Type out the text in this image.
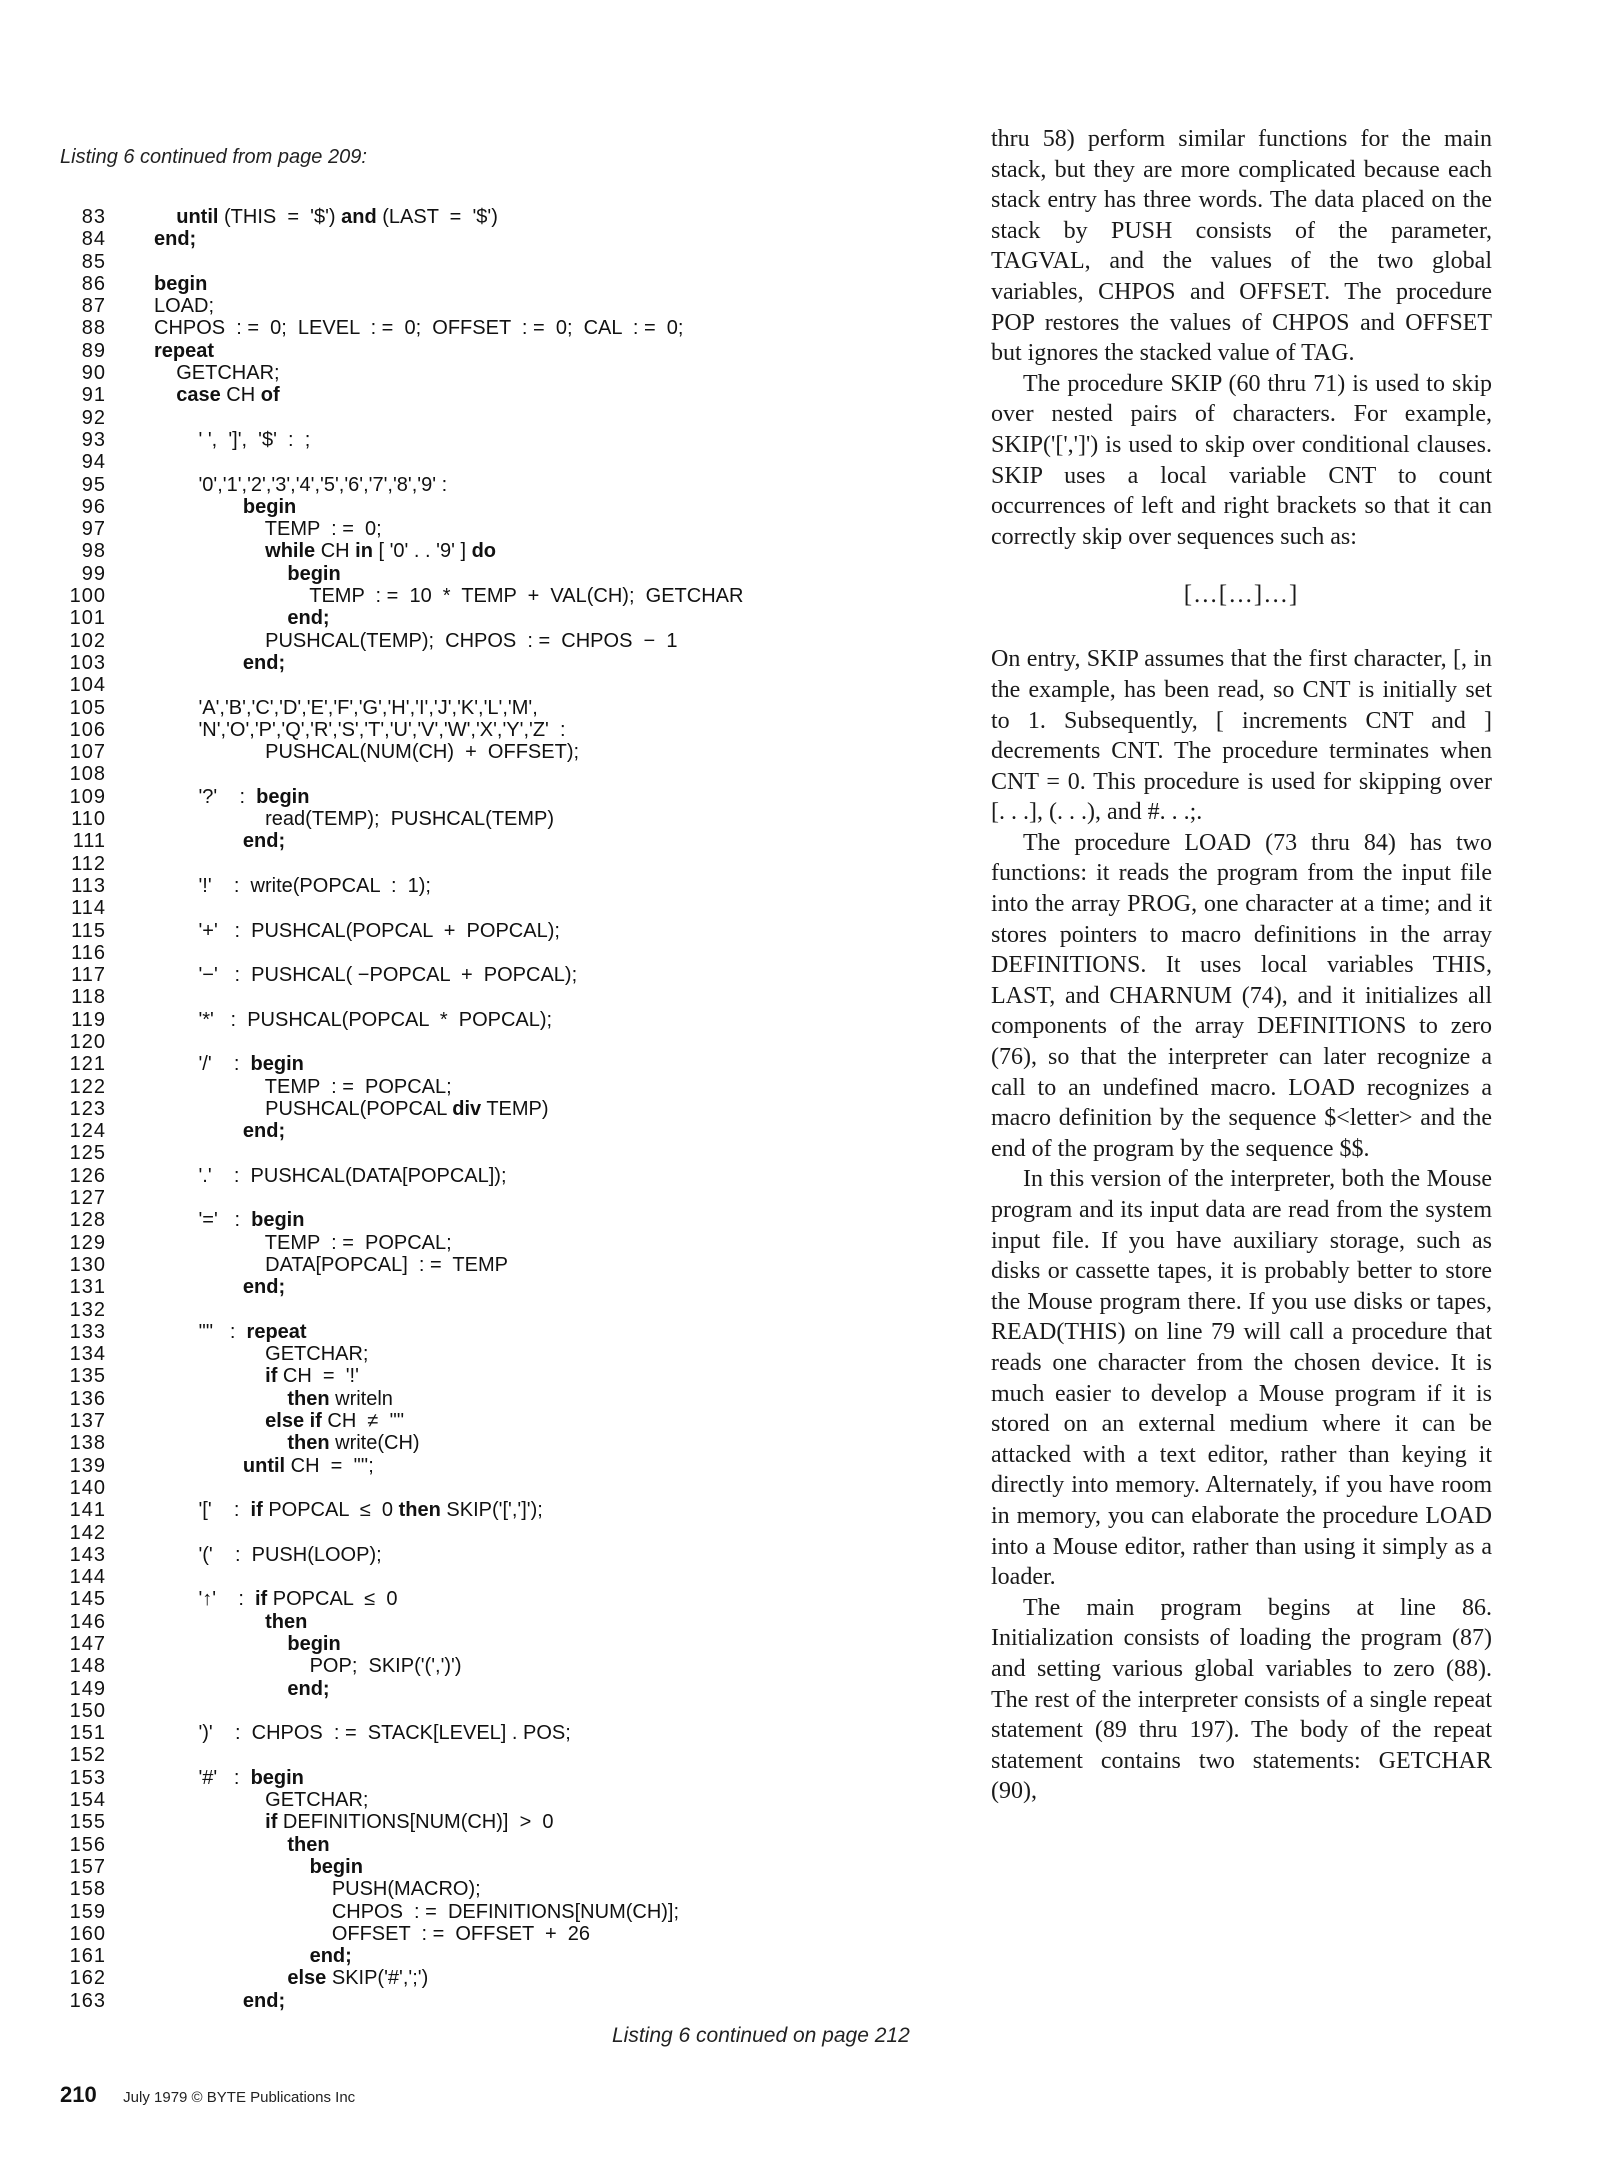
Listing 6 continued from page 209:
83	until (THIS  =  '$') and (LAST  =  '$')
84 end;
85
86 begin
87 LOAD;
88 CHPOS  : =  0;  LEVEL  : =  0;  OFFSET  : =  0;  CAL  : =  0;
89 repeat
90 GETCHAR;
91	case CH of
92
93 ' ',  ']',  '$'  :  ;
94
95 '0','1','2','3','4','5','6','7','8','9' :
96	begin
97 TEMP  : =  0;
98	while CH in [ '0' . . '9' ] do
99	begin
100 TEMP  : =  10  *  TEMP  +  VAL(CH);  GETCHAR
101	end;
102 PUSHCAL(TEMP);  CHPOS  : =  CHPOS  −  1
103	end;
104
105 'A','B','C','D','E','F','G','H','I','J','K','L','M',
106 'N','O','P','Q','R','S','T','U','V','W','X','Y','Z'  :
107 PUSHCAL(NUM(CH)  +  OFFSET);
108
109 '?'    :  begin
110 read(TEMP);  PUSHCAL(TEMP)
111	end;
112
113 '!'    :  write(POPCAL  :  1);
114
115 '+'   :  PUSHCAL(POPCAL  +  POPCAL);
116
117 '−'   :  PUSHCAL( −POPCAL  +  POPCAL);
118
119 '*'   :  PUSHCAL(POPCAL  *  POPCAL);
120
121 '/'    :  begin
122 TEMP  : =  POPCAL;
123 PUSHCAL(POPCAL div TEMP)
124	end;
125
126 '.'    :  PUSHCAL(DATA[POPCAL]);
127
128 '='   :  begin
129 TEMP  : =  POPCAL;
130 DATA[POPCAL]  : =  TEMP
131	end;
132
133 '"'   :  repeat
134 GETCHAR;
135	if CH  =  '!'
136	then writeln
137	else if CH  ≠  '"'
138	then write(CH)
139	until CH  =  '"';
140
141 '['    :  if POPCAL  ≤  0 then SKIP('[',']');
142
143 '('    :  PUSH(LOOP);
144
145 '↑'    :  if POPCAL  ≤  0
146	then
147	begin
148 POP;  SKIP('(',')')
149	end;
150
151 ')'    :  CHPOS  : =  STACK[LEVEL] . POS;
152
153 '#'   :  begin
154 GETCHAR;
155	if DEFINITIONS[NUM(CH)]  >  0
156	then
157	begin
158 PUSH(MACRO);
159 CHPOS  : =  DEFINITIONS[NUM(CH)];
160 OFFSET  : =  OFFSET  +  26
161	end;
162	else SKIP('#',';')
163	end;
Listing 6 continued on page 212

thru 58) perform similar functions for the main stack, but they are more complicated because each stack entry has three words. The data placed on the stack by PUSH consists of the parameter, TAGVAL, and the values of the two global variables, CHPOS and OFFSET. The procedure POP restores the values of CHPOS and OFFSET but ignores the stacked value of TAG.

The procedure SKIP (60 thru 71) is used to skip over nested pairs of characters. For example, SKIP('[',']') is used to skip over conditional clauses. SKIP uses a local variable CNT to count occurrences of left and right brackets so that it can correctly skip over sequences such as:

[...[...]...]

On entry, SKIP assumes that the first character, [, in the example, has been read, so CNT is initially set to 1. Subsequently, [ increments CNT and ] decrements CNT. The procedure terminates when CNT = 0. This procedure is used for skipping over [. . .], (. . .), and #. . .;.

The procedure LOAD (73 thru 84) has two functions: it reads the program from the input file into the array PROG, one character at a time; and it stores pointers to macro definitions in the array DEFINITIONS. It uses local variables THIS, LAST, and CHARNUM (74), and it initializes all components of the array DEFINITIONS to zero (76), so that the interpreter can later recognize a call to an undefined macro. LOAD recognizes a macro definition by the sequence $<letter> and the end of the program by the sequence $$.

In this version of the interpreter, both the Mouse program and its input data are read from the system input file. If you have auxiliary storage, such as disks or cassette tapes, it is probably better to store the Mouse program there. If you use disks or tapes, READ(THIS) on line 79 will call a procedure that reads one character from the chosen device. It is much easier to develop a Mouse program if it is stored on an external medium where it can be attacked with a text editor, rather than keying it directly into memory. Alternately, if you have room in memory, you can elaborate the procedure LOAD into a Mouse editor, rather than using it simply as a loader.

The main program begins at line 86. Initialization consists of loading the program (87) and setting various global variables to zero (88). The rest of the interpreter consists of a single repeat statement (89 thru 197). The body of the repeat statement contains two statements: GETCHAR (90),

210 July 1979 © BYTE Publications Inc
